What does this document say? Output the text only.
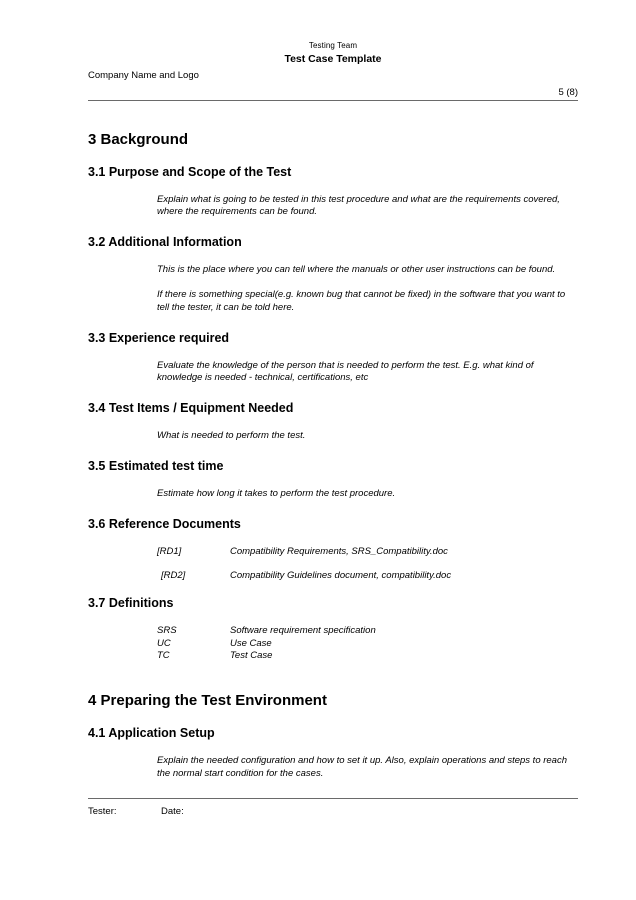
Testing Team
Test Case Template
Company Name and Logo
5 (8)
3 Background
3.1 Purpose and Scope of the Test
Explain what is going to be tested in this test procedure and what are the requirements covered, where the requirements can be found.
3.2 Additional Information
This is the place where you can tell where the manuals or other user instructions can be found.
If there is something special(e.g. known bug that cannot be fixed) in the software that you want to tell the tester, it can be told here.
3.3 Experience required
Evaluate the knowledge of the person that is needed to perform the test. E.g. what kind of knowledge is needed - technical, certifications, etc
3.4 Test Items / Equipment Needed
What is needed to perform the test.
3.5 Estimated test time
Estimate how long it takes to perform the test procedure.
3.6 Reference Documents
[RD1]	Compatibility Requirements, SRS_Compatibility.doc
[RD2]	Compatibility Guidelines document, compatibility.doc
3.7 Definitions
SRS	Software requirement specification
UC	Use Case
TC	Test Case
4 Preparing the Test Environment
4.1 Application Setup
Explain the needed configuration and how to set it up. Also, explain operations and steps to reach the normal start condition for the cases.
Tester:	Date:
